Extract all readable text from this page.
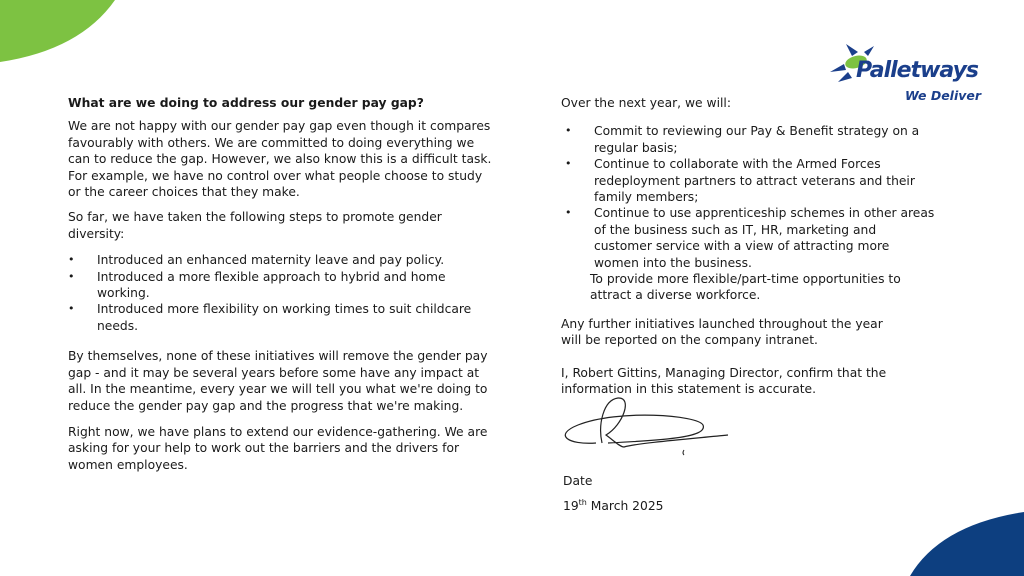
Palletways
We Deliver

What are we doing to address our gender pay gap?

We are not happy with our gender pay gap even though it compares favourably with others. We are committed to doing everything we can to reduce the gap. However, we also know this is a difficult task. For example, we have no control over what people choose to study or the career choices that they make.

So far, we have taken the following steps to promote gender diversity:

• Introduced an enhanced maternity leave and pay policy.
• Introduced a more flexible approach to hybrid and home working.
• Introduced more flexibility on working times to suit childcare needs.

By themselves, none of these initiatives will remove the gender pay gap - and it may be several years before some have any impact at all. In the meantime, every year we will tell you what we're doing to reduce the gender pay gap and the progress that we're making.

Right now, we have plans to extend our evidence-gathering. We are asking for your help to work out the barriers and the drivers for women employees.

Over the next year, we will:

• Commit to reviewing our Pay & Benefit strategy on a regular basis;
• Continue to collaborate with the Armed Forces redeployment partners to attract veterans and their family members;
• Continue to use apprenticeship schemes in other areas of the business such as IT, HR, marketing and customer service with a view of attracting more women into the business.

To provide more flexible/part-time opportunities to attract a diverse workforce.

Any further initiatives launched throughout the year will be reported on the company intranet.

I, Robert Gittins, Managing Director, confirm that the information in this statement is accurate.

Date

19th March 2025
